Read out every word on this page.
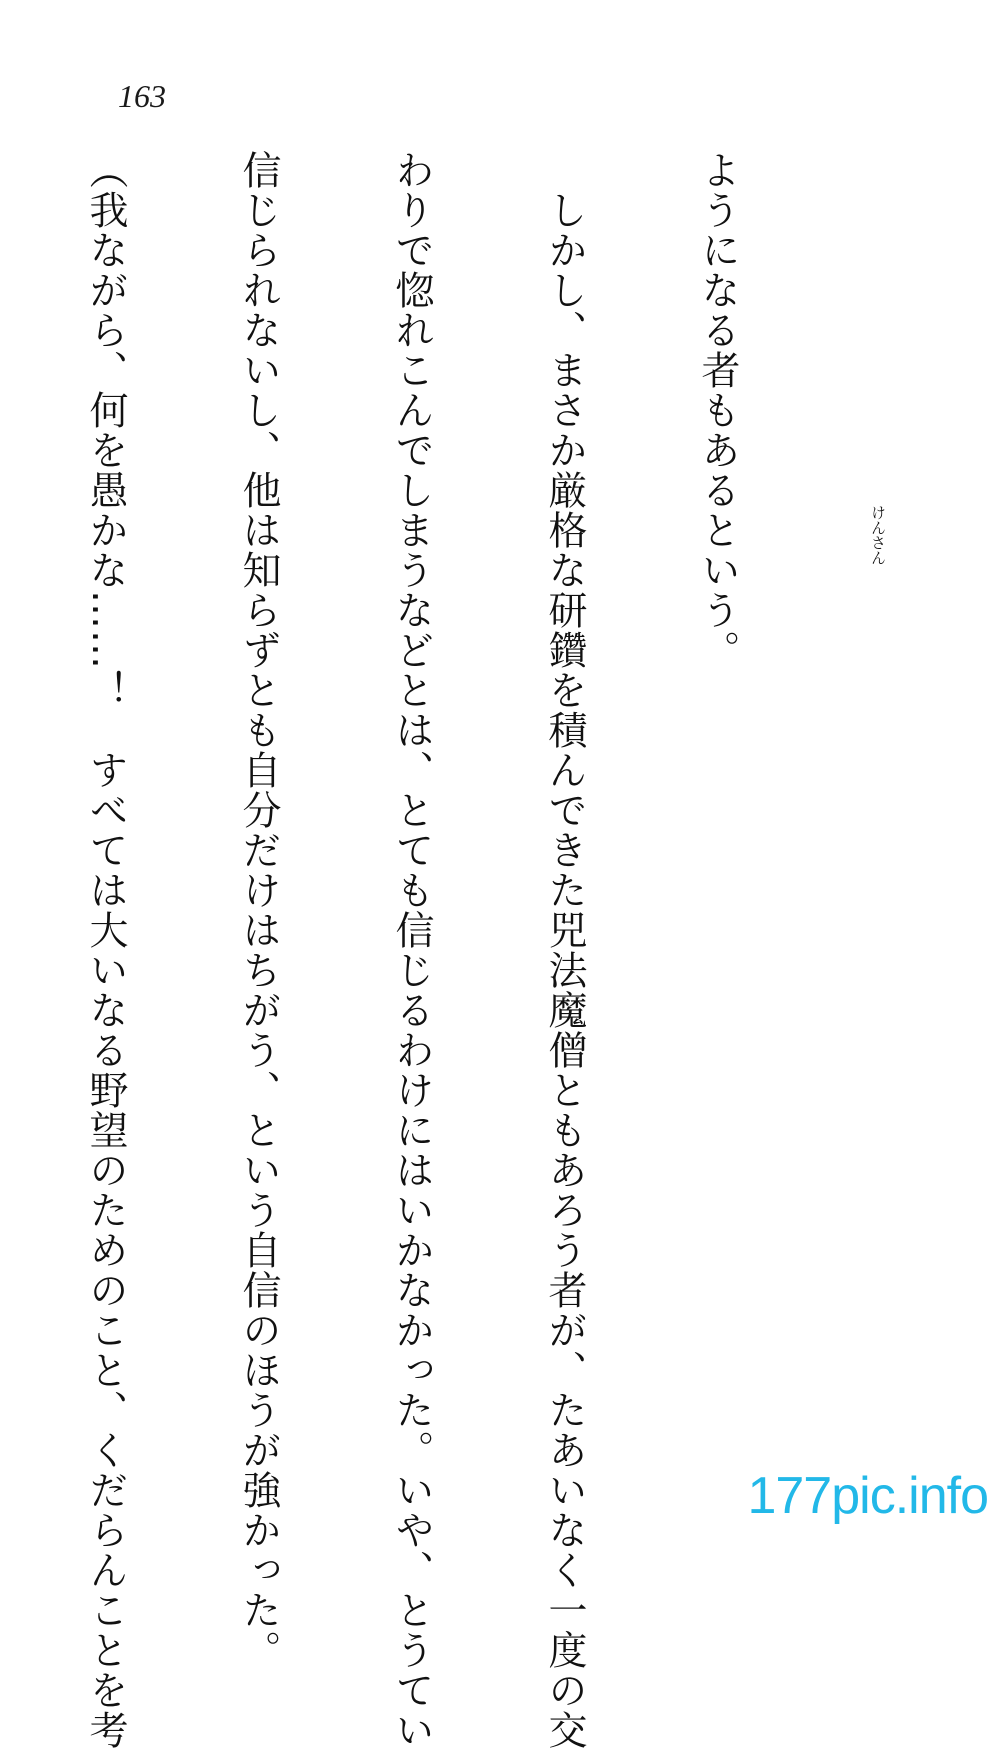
163

ようになる者もあるという。

　しかし、まさか厳格な研鑽を積んできた兕法魔僧ともあろう者が、たあいなく一度の交

わりで惚れこんでしまうなどとは、とても信じるわけにはいかなかった。いや、とうてい

信じられないし、他は知らずとも自分だけはちがう、という自信のほうが強かった。

（我ながら、何を愚かな……！　すべては大いなる野望のためのこと、くだらんことを考

	けんさん
177pic.info
